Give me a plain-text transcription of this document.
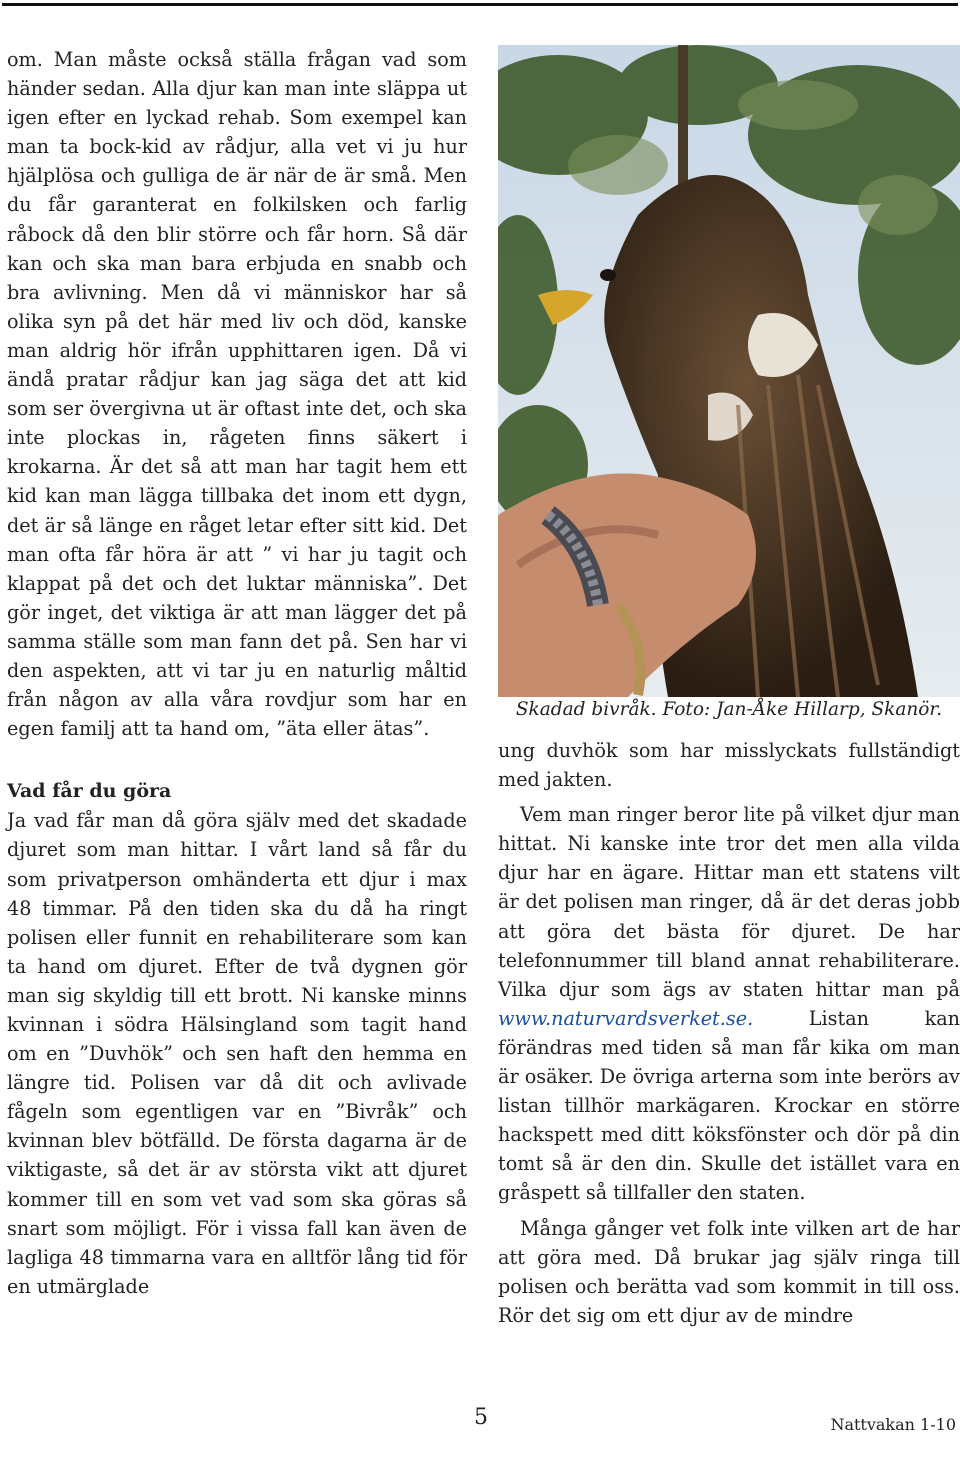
om. Man måste också ställa frågan vad som händer sedan. Alla djur kan man inte släppa ut igen efter en lyckad rehab. Som exempel kan man ta bock-kid av rådjur, alla vet vi ju hur hjälplösa och gulliga de är när de är små. Men du får garanterat en folkilsken och farlig råbock då den blir större och får horn. Så där kan och ska man bara erbjuda en snabb och bra avlivning. Men då vi människor har så olika syn på det här med liv och död, kanske man aldrig hör ifrån upphittaren igen. Då vi ändå pratar rådjur kan jag säga det att kid som ser övergivna ut är oftast inte det, och ska inte plockas in, rågeten finns säkert i krokarna. Är det så att man har tagit hem ett kid kan man lägga tillbaka det inom ett dygn, det är så länge en råget letar efter sitt kid. Det man ofta får höra är att ” vi har ju tagit och klappat på det och det luktar människa”. Det gör inget, det viktiga är att man lägger det på samma ställe som man fann det på. Sen har vi den aspekten, att vi tar ju en naturlig måltid från någon av alla våra rovdjur som har en egen familj att ta hand om, ”äta eller ätas”.

Vad får du göra

Ja vad får man då göra själv med det skadade djuret som man hittar. I vårt land så får du som privatperson omhänderta ett djur i max 48 timmar. På den tiden ska du då ha ringt polisen eller funnit en rehabiliterare som kan ta hand om djuret. Efter de två dygnen gör man sig skyldig till ett brott. Ni kanske minns kvinnan i södra Hälsingland som tagit hand om en ”Duvhök” och sen haft den hemma en längre tid. Polisen var då dit och avlivade fågeln som egentligen var en ”Bivråk” och kvinnan blev bötfälld. De första dagarna är de viktigaste, så det är av största vikt att djuret kommer till en som vet vad som ska göras så snart som möjligt. För i vissa fall kan även de lagliga 48 timmarna vara en alltför lång tid för en utmärglade

Skadad bivråk. Foto: Jan-Åke Hillarp, Skanör.

ung duvhök som har misslyckats fullständigt med jakten.

Vem man ringer beror lite på vilket djur man hittat. Ni kanske inte tror det men alla vilda djur har en ägare. Hittar man ett statens vilt är det polisen man ringer, då är det deras jobb att göra det bästa för djuret. De har telefonnummer till bland annat rehabiliterare. Vilka djur som ägs av staten hittar man på www.naturvardsverket.se. Listan kan förändras med tiden så man får kika om man är osäker. De övriga arterna som inte berörs av listan tillhör markägaren. Krockar en större hackspett med ditt köksfönster och dör på din tomt så är den din. Skulle det istället vara en gråspett så tillfaller den staten.

Många gånger vet folk inte vilken art de har att göra med. Då brukar jag själv ringa till polisen och berätta vad som kommit in till oss. Rör det sig om ett djur av de mindre

5	Nattvakan 1-10
